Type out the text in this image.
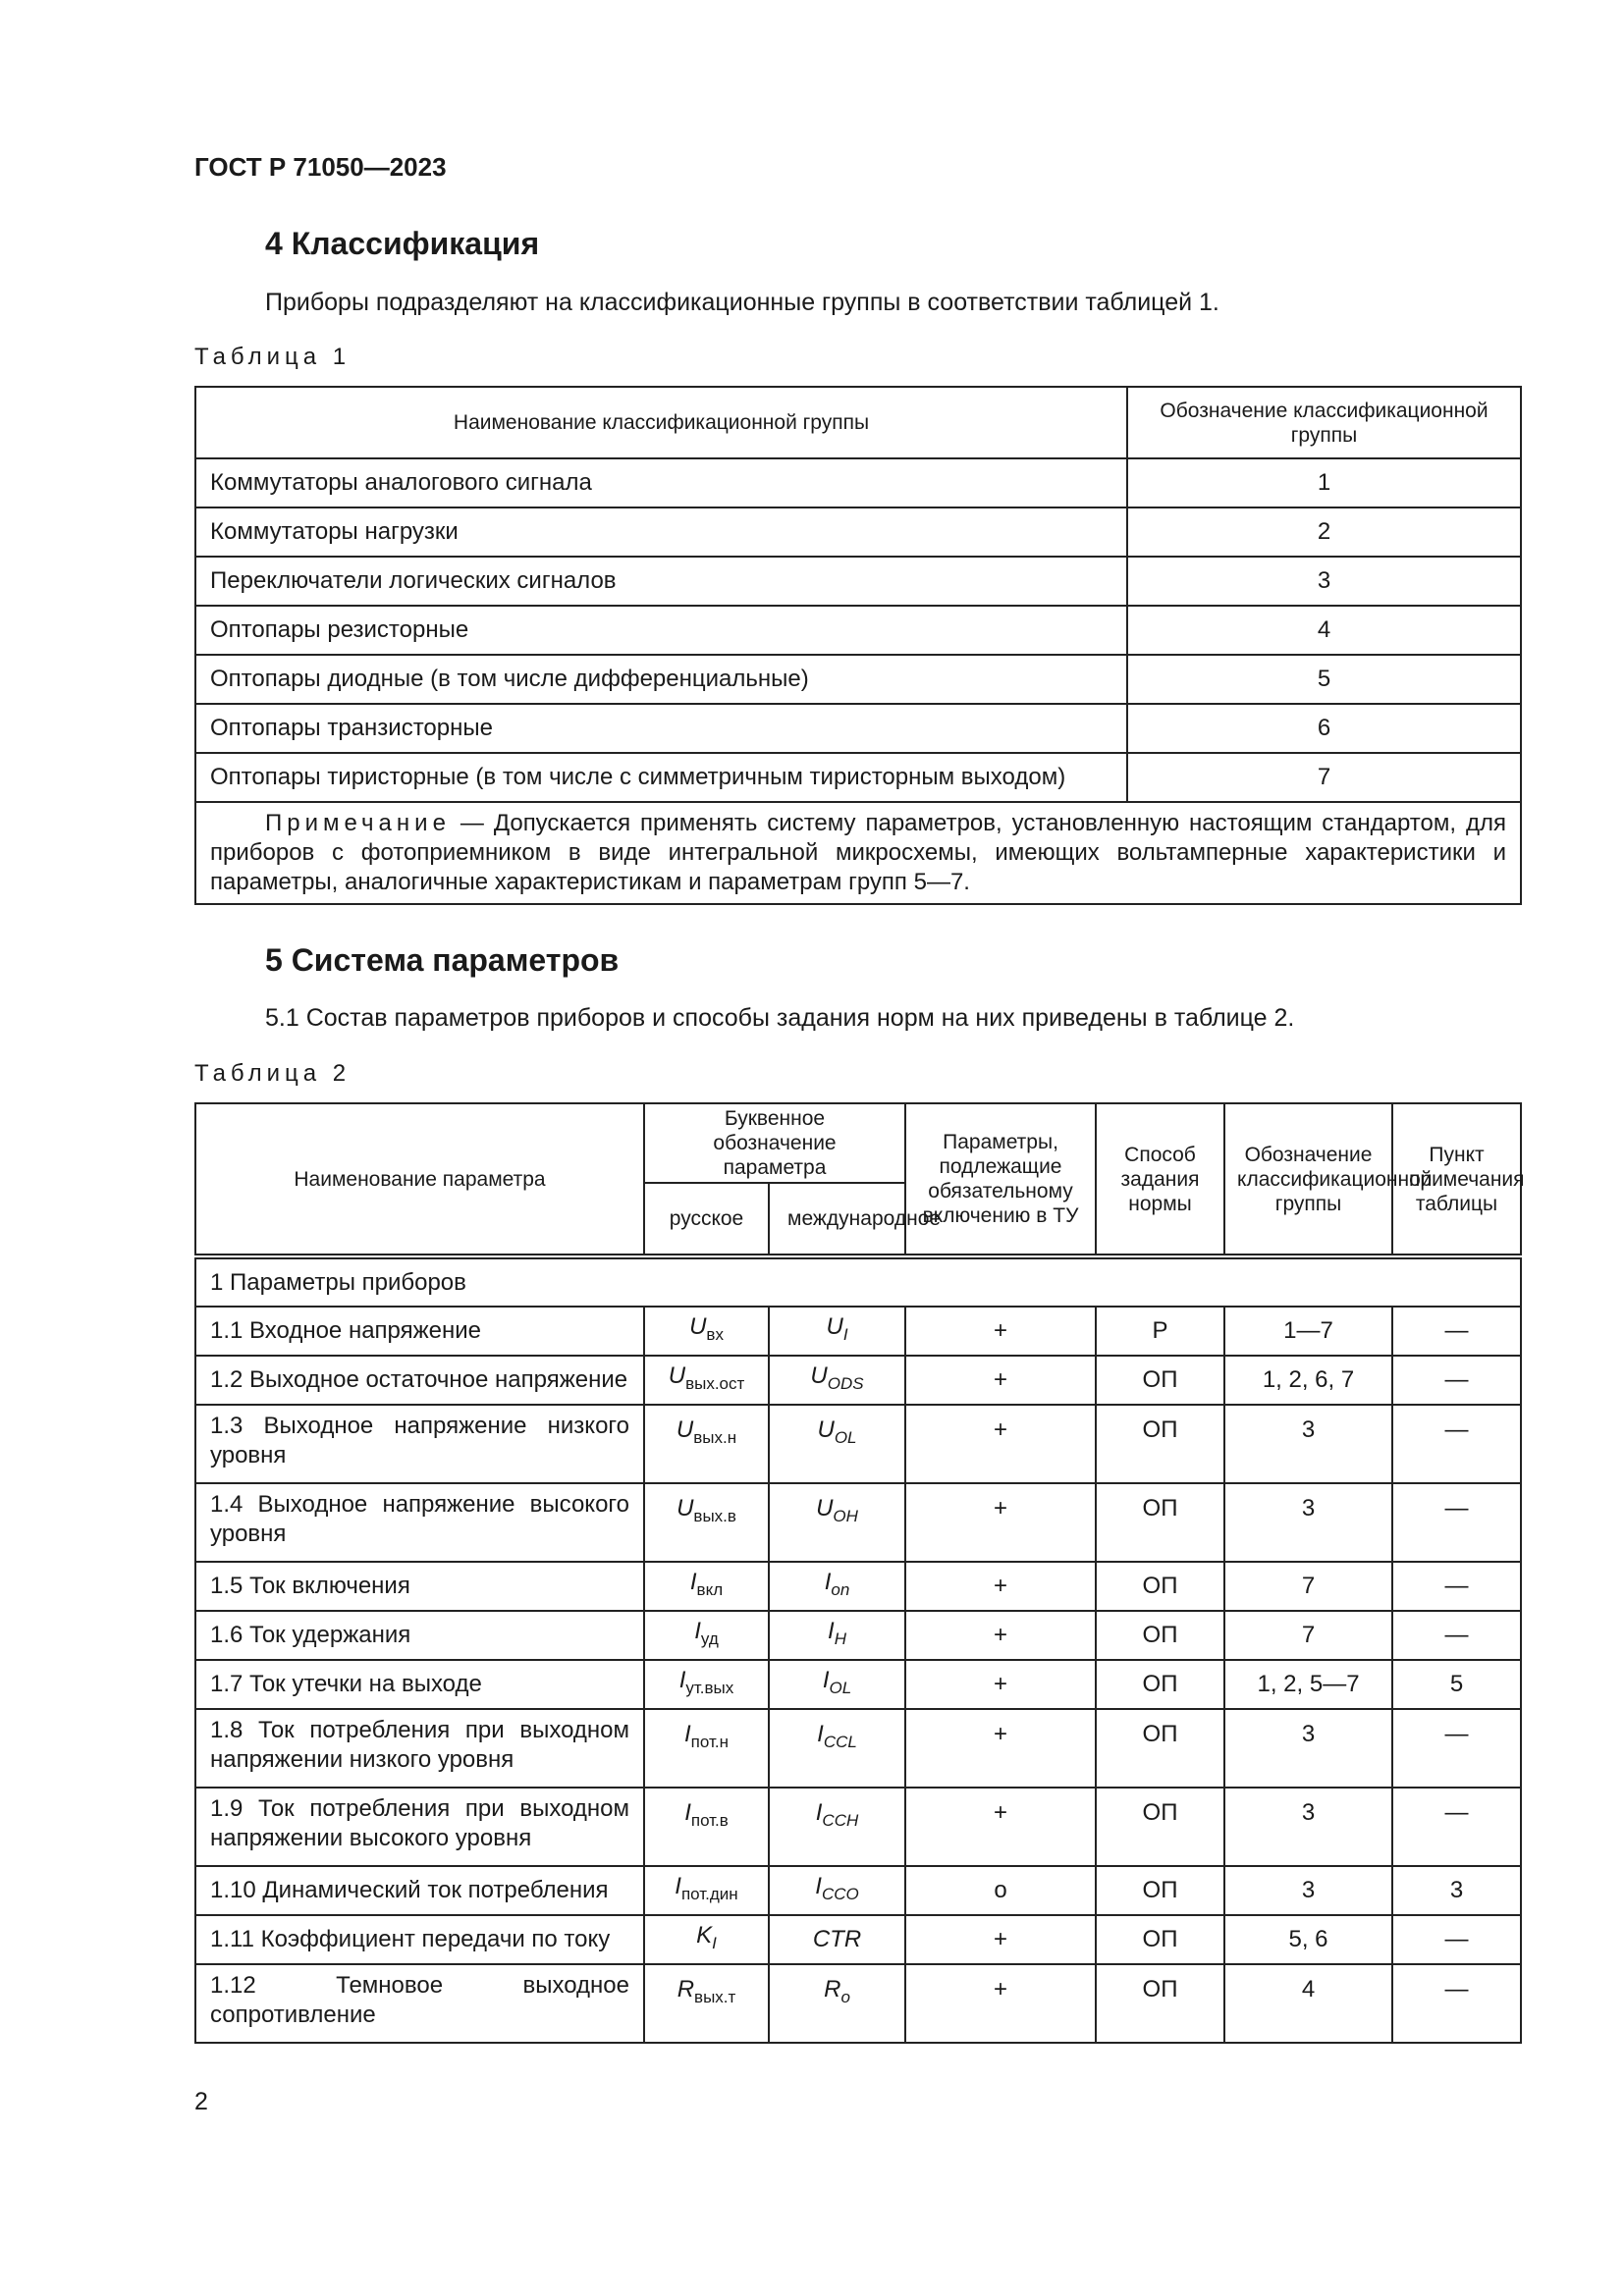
ГОСТ Р 71050—2023
4 Классификация
Приборы подразделяют на классификационные группы в соответствии таблицей 1.
Таблица 1
Наименование классификационной группы	Обозначение классификационной группы
Коммутаторы аналогового сигнала	1
Коммутаторы нагрузки	2
Переключатели логических сигналов	3
Оптопары резисторные	4
Оптопары диодные (в том числе дифференциальные)	5
Оптопары транзисторные	6
Оптопары тиристорные (в том числе с симметричным тиристорным выходом)	7
Примечание — Допускается применять систему параметров, установленную настоящим стандартом, для приборов с фотоприемником в виде интегральной микросхемы, имеющих вольтамперные характеристики и параметры, аналогичные характеристикам и параметрам групп 5—7.	
5 Система параметров
5.1 Состав параметров приборов и способы задания норм на них приведены в таблице 2.
Таблица 2
Наименование параметра	Буквенное обозначение параметра		Параметры, подлежащие обязательному включению в ТУ	Способ задания нормы	Обозначение классификационной группы	Пункт примечания таблицы
	русское	международное				
1 Параметры приборов						
1.1 Входное напряжение	$U_{вх}$	$U_I$	+	Р	1—7	—
1.2 Выходное остаточное напряжение	$U_{вых.ост}$	$U_{ODS}$	+	ОП	1, 2, 6, 7	—
1.3 Выходное напряжение низкого уровня	$U_{вых.н}$	$U_{OL}$	+	ОП	3	—
1.4 Выходное напряжение высокого уровня	$U_{вых.в}$	$U_{OH}$	+	ОП	3	—
1.5 Ток включения	$I_{вкл}$	$I_{on}$	+	ОП	7	—
1.6 Ток удержания	$I_{уд}$	$I_H$	+	ОП	7	—
1.7 Ток утечки на выходе	$I_{ут.вых}$	$I_{OL}$	+	ОП	1, 2, 5—7	5
1.8 Ток потребления при выходном напряжении низкого уровня	$I_{пот.н}$	$I_{CCL}$	+	ОП	3	—
1.9 Ток потребления при выходном напряжении высокого уровня	$I_{пот.в}$	$I_{CCH}$	+	ОП	3	—
1.10 Динамический ток потребления	$I_{пот.дин}$	$I_{CCO}$	о	ОП	3	3
1.11 Коэффициент передачи по току	$K_I$	CTR	+	ОП	5, 6	—
1.12 Темновое выходное сопротивление	$R_{вых.т}$	$R_o$	+	ОП	4	—
2
